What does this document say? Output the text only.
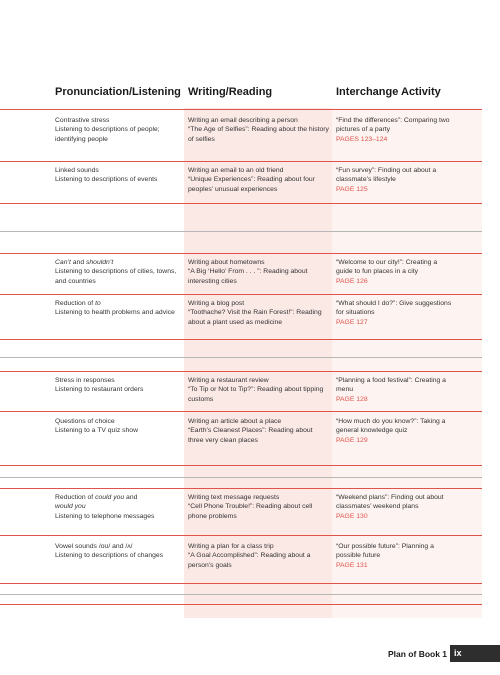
Pronunciation/Listening Writing/Reading	Interchange Activity

Contrastive stress

Listening to descriptions of people; identifying people

Writing an email describing a person

“The Age of Selfies”: Reading about the history of selfies

“Find the differences”: Comparing two pictures of a party

PAGES 123–124

Linked sounds

Listening to descriptions of events

Writing an email to an old friend

“Unique Experiences”: Reading about four peoples’ unusual experiences

“Fun survey”: Finding out about a classmate’s lifestyle

PAGE 125

Can’t and shouldn’t

Listening to descriptions of cities, towns, and countries

Writing about hometowns

“A Big ‘Hello’ From . . . ”: Reading about interesting cities

“Welcome to our city!”: Creating a guide to fun places in a city

PAGE 126

Reduction of to

Listening to health problems and advice

Writing a blog post

“Toothache? Visit the Rain Forest!”: Reading about a plant used as medicine

“What should I do?”: Give suggestions for situations

PAGE 127

Stress in responses

Listening to restaurant orders

Writing a restaurant review

“To Tip or Not to Tip?”: Reading about tipping customs

“Planning a food festival”: Creating a menu

PAGE 128

Questions of choice

Listening to a TV quiz show

Writing an article about a place

“Earth’s Cleanest Places”: Reading about three very clean places

“How much do you know?”: Taking a general knowledge quiz

PAGE 129

Reduction of could you and

would you

Listening to telephone messages

Writing text message requests

“Cell Phone Trouble!”: Reading about cell phone problems

“Weekend plans”: Finding out about classmates’ weekend plans

PAGE 130

Vowel sounds /oʊ/ and /ʌ/

Listening to descriptions of changes

Writing a plan for a class trip

“A Goal Accomplished”: Reading about a person’s goals

“Our possible future”: Planning a possible future

PAGE 131

Plan of Book 1 ix
